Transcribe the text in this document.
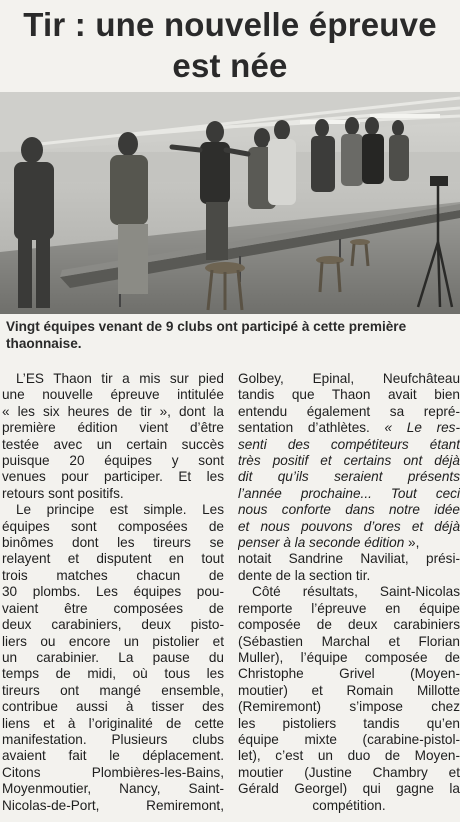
Tir : une nouvelle épreuve
est née
Vingt équipes venant de 9 clubs ont participé à cette première
thaonnaise.
L’ES Thaon tir a mis sur pied
une nouvelle épreuve intitulée
« les six heures de tir », dont la
première édition vient d’être
testée avec un certain succès
puisque 20 équipes y sont
venues pour participer. Et les
retours sont positifs.
Le principe est simple. Les
équipes sont composées de
binômes dont les tireurs se
relayent et disputent en tout
trois matches chacun de
30 plombs. Les équipes pou-
vaient être composées de
deux carabiniers, deux pisto-
liers ou encore un pistolier et
un carabinier. La pause du
temps de midi, où tous les
tireurs ont mangé ensemble,
contribue aussi à tisser des
liens et à l’originalité de cette
manifestation. Plusieurs clubs
avaient fait le déplacement.
Citons Plombières-les-Bains,
Moyenmoutier, Nancy, Saint-
Nicolas-de-Port, Remiremont,
Golbey, Epinal, Neufchâteau
tandis que Thaon avait bien
entendu également sa repré-
sentation d’athlètes. « Le res-
senti des compétiteurs étant
très positif et certains ont déjà
dit qu’ils seraient présents
l’année prochaine... Tout ceci
nous conforte dans notre idée
et nous pouvons d’ores et déjà
penser à la seconde édition »,
notait Sandrine Naviliat, prési-
dente de la section tir.
Côté résultats, Saint-Nicolas
remporte l’épreuve en équipe
composée de deux carabiniers
(Sébastien Marchal et Florian
Muller), l’équipe composée de
Christophe Grivel (Moyen-
moutier) et Romain Millotte
(Remiremont) s’impose chez
les pistoliers tandis qu’en
équipe mixte (carabine-pistol-
let), c’est un duo de Moyen-
moutier (Justine Chambry et
Gérald Georgel) qui gagne la
compétition.
